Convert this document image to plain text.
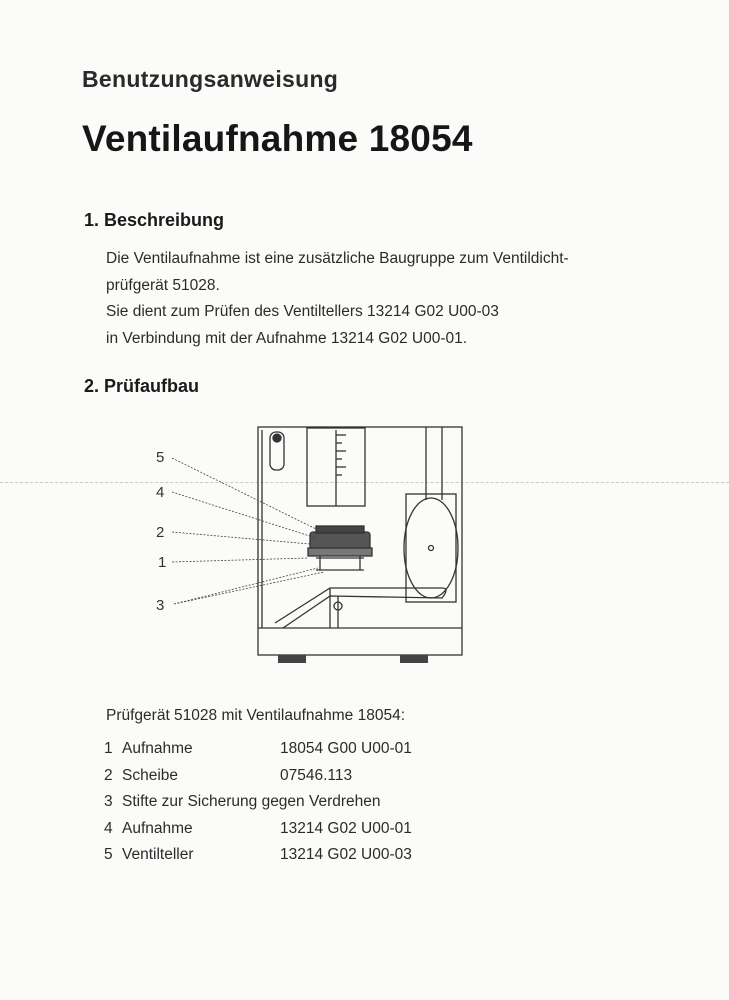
Benutzungsanweisung
Ventilaufnahme 18054
1. Beschreibung
Die Ventilaufnahme ist eine zusätzliche Baugruppe zum Ventildicht-
prüfgerät 51028.
Sie dient zum Prüfen des Ventiltellers 13214 G02 U00-03
in Verbindung mit der Aufnahme 13214 G02 U00-01.
2. Prüfaufbau
5
4
2
1
3
Prüfgerät 51028 mit Ventilaufnahme 18054:
1 Aufnahme	18054 G00 U00-01
2 Scheibe	07546.113
3 Stifte zur Sicherung gegen Verdrehen
4 Aufnahme	13214 G02 U00-01
5 Ventilteller	13214 G02 U00-03
